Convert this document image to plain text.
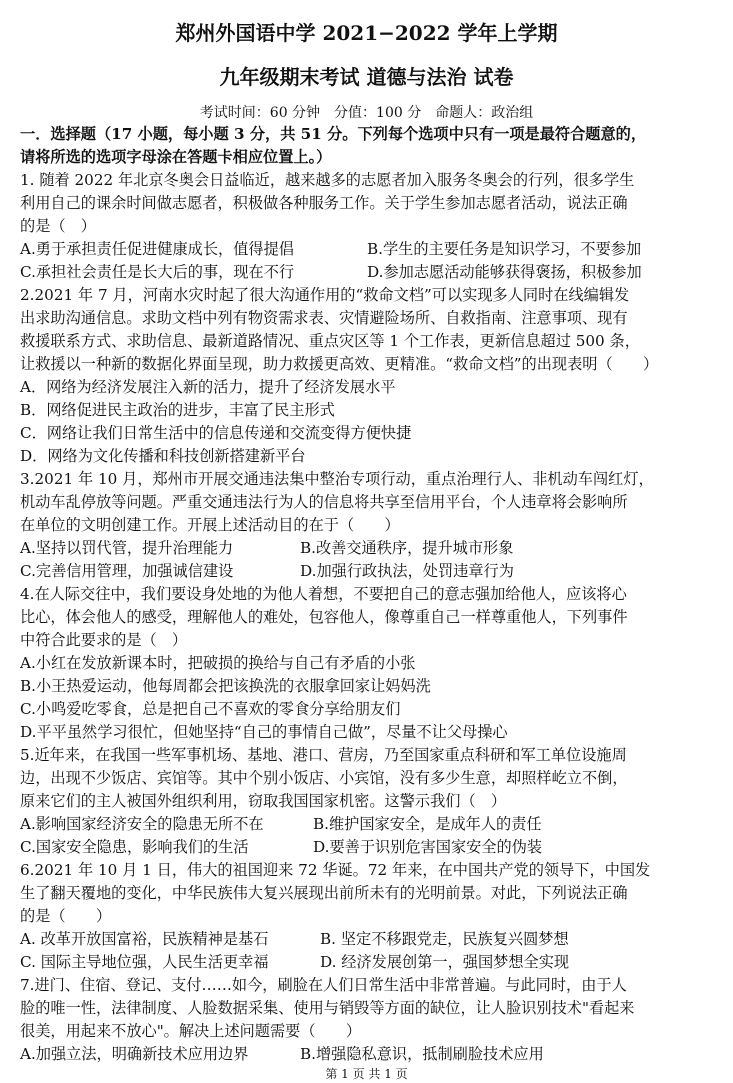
郑州外国语中学 2021−2022 学年上学期
九年级期末考试 道德与法治 试卷
考试时间：60 分钟　分值：100 分　命题人：政治组
一．选择题（17 小题，每小题 3 分，共 51 分。下列每个选项中只有一项是最符合题意的，
请将所选的选项字母涂在答题卡相应位置上。）
1. 随着 2022 年北京冬奥会日益临近，越来越多的志愿者加入服务冬奥会的行列，很多学生
利用自己的课余时间做志愿者，积极做各种服务工作。关于学生参加志愿者活动，说法正确
的是（　）
A.勇于承担责任促进健康成长，值得提倡	B.学生的主要任务是知识学习，不要参加
C.承担社会责任是长大后的事，现在不行	D.参加志愿活动能够获得褒扬，积极参加
2.2021 年 7 月，河南水灾时起了很大沟通作用的“救命文档”可以实现多人同时在线编辑发
出求助沟通信息。求助文档中列有物资需求表、灾情避险场所、自救指南、注意事项、现有
救援联系方式、求助信息、最新道路情况、重点灾区等 1 个工作表，更新信息超过 500 条，
让救援以一种新的数据化界面呈现，助力救援更高效、更精准。“救命文档”的出现表明（　　）
A．网络为经济发展注入新的活力，提升了经济发展水平
B．网络促进民主政治的进步，丰富了民主形式
C．网络让我们日常生活中的信息传递和交流变得方便快捷
D．网络为文化传播和科技创新搭建新平台
3.2021 年 10 月，郑州市开展交通违法集中整治专项行动，重点治理行人、非机动车闯红灯，
机动车乱停放等问题。严重交通违法行为人的信息将共享至信用平台，个人违章将会影响所
在单位的文明创建工作。开展上述活动目的在于（　　）
A.坚持以罚代管，提升治理能力	B.改善交通秩序，提升城市形象
C.完善信用管理，加强诚信建设	D.加强行政执法，处罚违章行为
4.在人际交往中，我们要设身处地的为他人着想，不要把自己的意志强加给他人，应该将心
比心，体会他人的感受，理解他人的难处，包容他人，像尊重自己一样尊重他人，下列事件
中符合此要求的是（　）
A.小红在发放新课本时，把破损的换给与自己有矛盾的小张
B.小王热爱运动，他每周都会把该换洗的衣服拿回家让妈妈洗
C.小鸣爱吃零食，总是把自己不喜欢的零食分享给朋友们
D.平平虽然学习很忙，但她坚持“自己的事情自己做”，尽量不让父母操心
5.近年来，在我国一些军事机场、基地、港口、营房，乃至国家重点科研和军工单位设施周
边，出现不少饭店、宾馆等。其中个别小饭店、小宾馆，没有多少生意，却照样屹立不倒，
原来它们的主人被国外组织利用，窃取我国国家机密。这警示我们（　）
A.影响国家经济安全的隐患无所不在	B.维护国家安全，是成年人的责任
C.国家安全隐患，影响我们的生活	D.要善于识别危害国家安全的伪装
6.2021 年 10 月 1 日，伟大的祖国迎来 72 华诞。72 年来，在中国共产党的领导下，中国发
生了翻天覆地的变化，中华民族伟大复兴展现出前所未有的光明前景。对此，下列说法正确
的是（　　）
A. 改革开放国富裕，民族精神是基石	B. 坚定不移跟党走，民族复兴圆梦想
C. 国际主导地位强，人民生活更幸福	D. 经济发展创第一，强国梦想全实现
7.进门、住宿、登记、支付……如今，刷脸在人们日常生活中非常普遍。与此同时，由于人
脸的唯一性，法律制度、人脸数据采集、使用与销毁等方面的缺位，让人脸识别技术"看起来
很美，用起来不放心"。解决上述问题需要（　　）
A.加强立法，明确新技术应用边界	B.增强隐私意识，抵制刷脸技术应用
第 1 页 共 1 页
